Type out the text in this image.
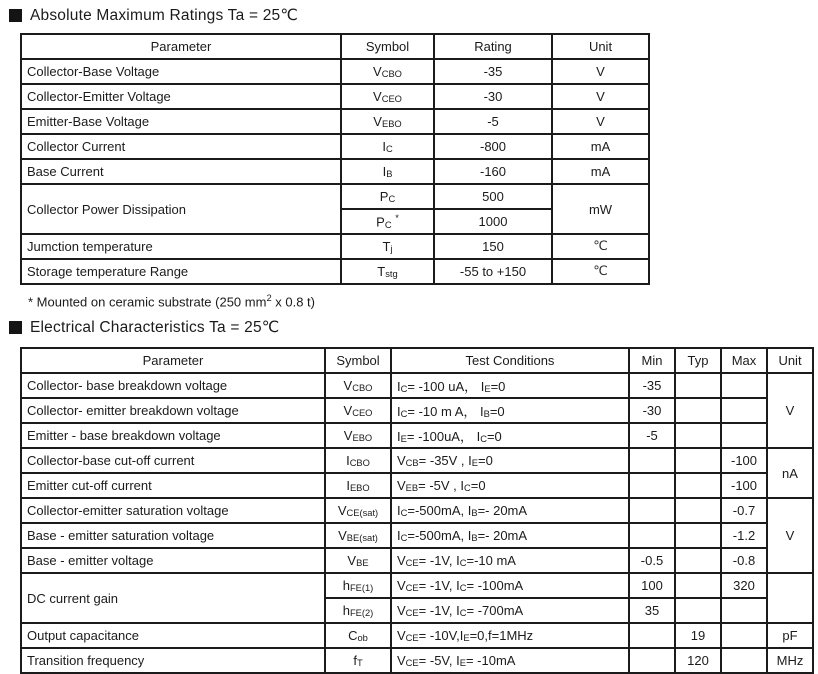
Absolute Maximum Ratings Ta = 25℃
Parameter	Symbol	Rating	Unit
Collector-Base Voltage	$V_{CBO}$	-35	V
Collector-Emitter Voltage	$V_{CEO}$	-30	V
Emitter-Base Voltage	$V_{EBO}$	-5	V
Collector Current	$I_C$	-800	mA
Base Current	$I_B$	-160	mA
Collector Power Dissipation	$P_C$	500	mW
	$P_C$ *	1000	
Jumction temperature	$T_j$	150	℃
Storage temperature Range	$T_{stg}$	-55 to +150	℃
* Mounted on ceramic substrate (250 $mm^2$ x 0.8 t)
Electrical Characteristics Ta = 25℃
Parameter	Symbol	Test Conditions	Min	Typ	Max	Unit
Collector- base breakdown voltage	$V_{CBO}$	$I_C= -100$ uA， $I_E=0$	-35			V
Collector- emitter breakdown voltage	$V_{CEO}$	$I_C= -10$ m A， $I_B=0$	-30			
Emitter - base breakdown voltage	$V_{EBO}$	$I_E= -100uA$， $I_C=0$	-5			
Collector-base cut-off current	$I_{CBO}$	$V_{CB}= -35V$ , $I_E=0$			-100	nA
Emitter cut-off current	$I_{EBO}$	$V_{EB}= -5V$ , $I_C=0$			-100	
Collector-emitter saturation voltage	$V_{CE(sat)}$	$I_C=-500mA$, $I_B=-$ 20mA			-0.7	V
Base - emitter saturation voltage	$V_{BE(sat)}$	$I_C=-500mA$, $I_B=-$ 20mA			-1.2	
Base - emitter voltage	$V_{BE}$	$V_{CE}= -1V$, $I_C=-10$ mA	-0.5		-0.8	
DC current gain	$h_{FE(1)}$	$V_{CE}= -1V$, $I_C= -100mA$	100		320	
	$h_{FE(2)}$	$V_{CE}= -1V$, $I_C= -700mA$	35			
Output capacitance	$C_{ob}$	$V_{CE}= -10V,I_E=0,f=1MHz$		19		pF
Transition frequency	$f_T$	$V_{CE}= -5V$, $I_E= -10mA$		120		MHz
